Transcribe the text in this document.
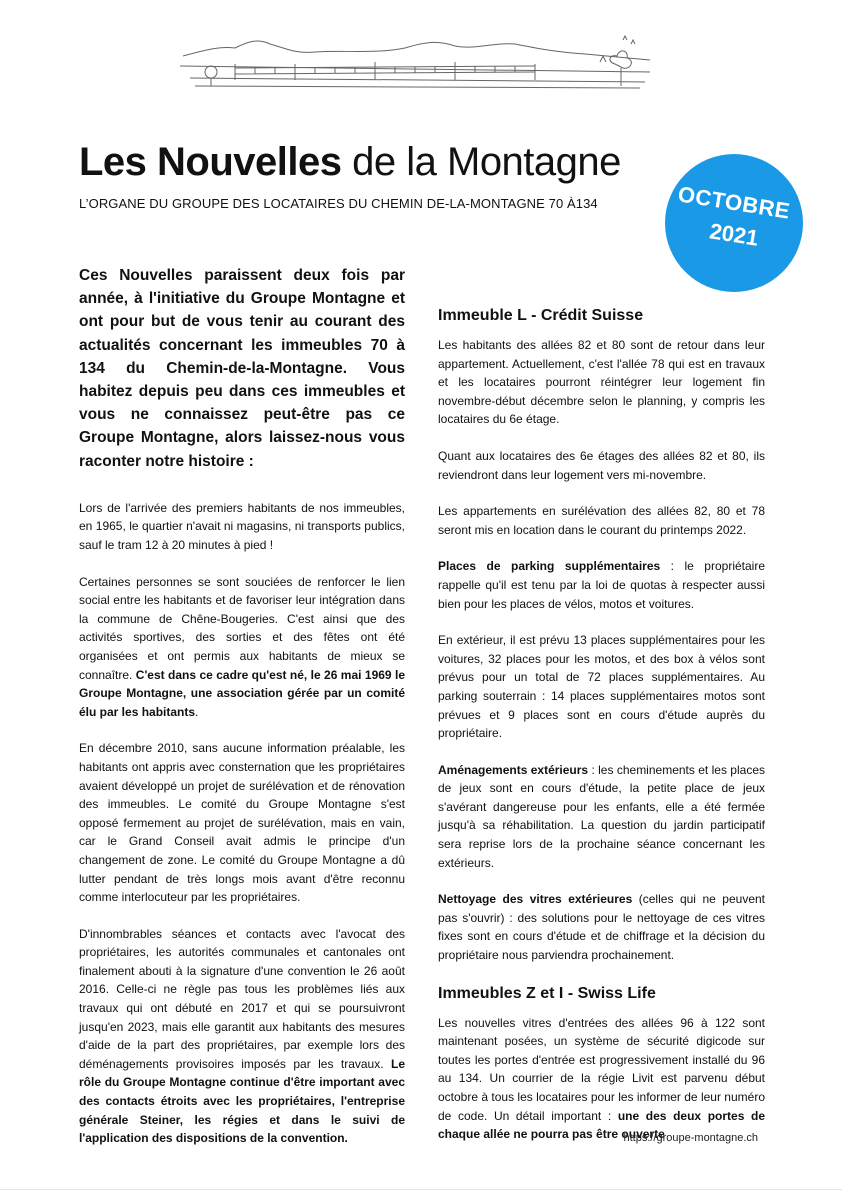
Les Nouvelles de la Montagne
L’ORGANE DU GROUPE DES LOCATAIRES DU CHEMIN DE-LA-MONTAGNE 70 À134	OCTOBRE
2021

Ces Nouvelles paraissent deux fois par année, à l'initiative du Groupe Montagne et ont pour but de vous tenir au courant des actualités concernant les immeubles 70 à 134 du Chemin-de-la-Montagne. Vous habitez depuis peu dans ces immeubles et vous ne connaissez peut-être pas ce Groupe Montagne, alors laissez-nous vous raconter notre histoire :

Lors de l'arrivée des premiers habitants de nos immeubles, en 1965, le quartier n'avait ni magasins, ni transports publics, sauf le tram 12 à 20 minutes à pied !

Certaines personnes se sont souciées de renforcer le lien social entre les habitants et de favoriser leur intégration dans la commune de Chêne-Bougeries. C'est ainsi que des activités sportives, des sorties et des fêtes ont été organisées et ont permis aux habitants de mieux se connaître. C'est dans ce cadre qu'est né, le 26 mai 1969 le Groupe Montagne, une association gérée par un comité élu par les habitants.

En décembre 2010, sans aucune information préalable, les habitants ont appris avec consternation que les propriétaires avaient développé un projet de surélévation et de rénovation des immeubles. Le comité du Groupe Montagne s'est opposé fermement au projet de surélévation, mais en vain, car le Grand Conseil avait admis le principe d'un changement de zone. Le comité du Groupe Montagne a dû lutter pendant de très longs mois avant d'être reconnu comme interlocuteur par les propriétaires.

D'innombrables séances et contacts avec l'avocat des propriétaires, les autorités communales et cantonales ont finalement abouti à la signature d'une convention le 26 août 2016. Celle-ci ne règle pas tous les problèmes liés aux travaux qui ont débuté en 2017 et qui se poursuivront jusqu'en 2023, mais elle garantit aux habitants des mesures d'aide de la part des propriétaires, par exemple lors des déménagements provisoires imposés par les travaux. Le rôle du Groupe Montagne continue d'être important avec des contacts étroits avec les propriétaires, l'entreprise générale Steiner, les régies et dans le suivi de l'application des dispositions de la convention.

Immeuble L - Crédit Suisse

Les habitants des allées 82 et 80 sont de retour dans leur appartement. Actuellement, c'est l'allée 78 qui est en travaux et les locataires pourront réintégrer leur logement fin novembre-début décembre selon le planning, y compris les locataires du 6e étage.

Quant aux locataires des 6e étages des allées 82 et 80, ils reviendront dans leur logement vers mi-novembre.

Les appartements en surélévation des allées 82, 80 et 78 seront mis en location dans le courant du printemps 2022.

Places de parking supplémentaires : le propriétaire rappelle qu'il est tenu par la loi de quotas à respecter aussi bien pour les places de vélos, motos et voitures.

En extérieur, il est prévu 13 places supplémentaires pour les voitures, 32 places pour les motos, et des box à vélos sont prévus pour un total de 72 places supplémentaires. Au parking souterrain : 14 places supplémentaires motos sont prévues et 9 places sont en cours d'étude auprès du propriétaire.

Aménagements extérieurs : les cheminements et les places de jeux sont en cours d'étude, la petite place de jeux s'avérant dangereuse pour les enfants, elle a été fermée jusqu'à sa réhabilitation. La question du jardin participatif sera reprise lors de la prochaine séance concernant les extérieurs.

Nettoyage des vitres extérieures (celles qui ne peuvent pas s'ouvrir) : des solutions pour le nettoyage de ces vitres fixes sont en cours d'étude et de chiffrage et la décision du propriétaire nous parviendra prochainement.

Immeubles Z et I - Swiss Life

Les nouvelles vitres d'entrées des allées 96 à 122 sont maintenant posées, un système de sécurité digicode sur toutes les portes d'entrée est progressivement installé du 96 au 134. Un courrier de la régie Livit est parvenu début octobre à tous les locataires pour les informer de leur numéro de code. Un détail important : une des deux portes de chaque allée ne pourra pas être ouverte

https://groupe-montagne.ch
